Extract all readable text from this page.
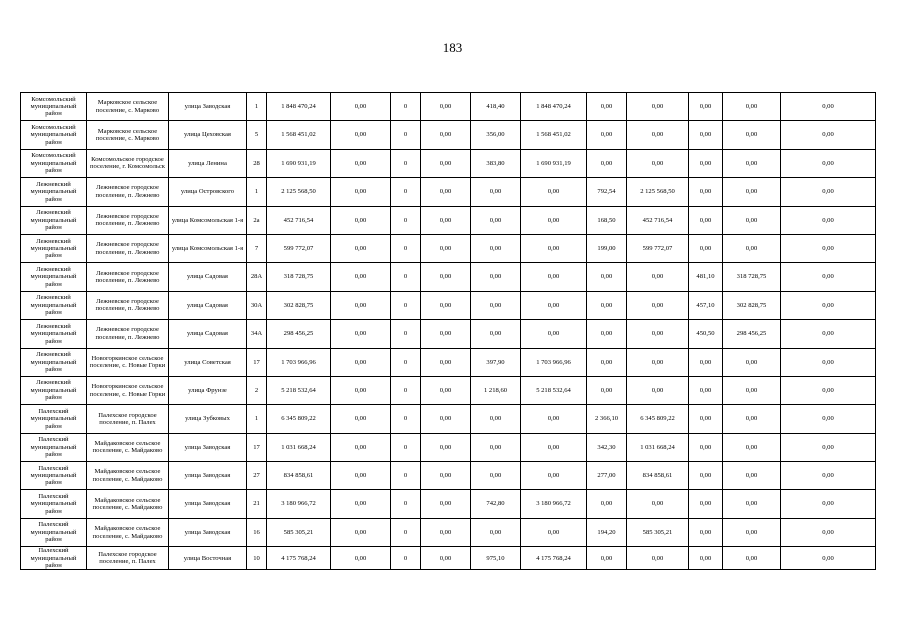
183
Комсомольский муниципальный район	Марковское сельское поселение, с. Марково	улица Заводская	1	1 848 470,24	0,00	0	0,00	418,40	1 848 470,24	0,00	0,00	0,00	0,00	0,00
Комсомольский муниципальный район	Марковское сельское поселение, с. Марково	улица Цеховская	5	1 568 451,02	0,00	0	0,00	356,00	1 568 451,02	0,00	0,00	0,00	0,00	0,00
Комсомольский муниципальный район	Комсомольское городское поселение, г. Комсомольск	улица Ленина	28	1 690 931,19	0,00	0	0,00	383,80	1 690 931,19	0,00	0,00	0,00	0,00	0,00
Лежневский муниципальный район	Лежневское городское поселение, п. Лежнево	улица Островского	1	2 125 568,50	0,00	0	0,00	0,00	0,00	792,54	2 125 568,50	0,00	0,00	0,00
Лежневский муниципальный район	Лежневское городское поселение, п. Лежнево	улица Комсомольская 1-я	2а	452 716,54	0,00	0	0,00	0,00	0,00	168,50	452 716,54	0,00	0,00	0,00
Лежневский муниципальный район	Лежневское городское поселение, п. Лежнево	улица Комсомольская 1-я	7	599 772,07	0,00	0	0,00	0,00	0,00	199,00	599 772,07	0,00	0,00	0,00
Лежневский муниципальный район	Лежневское городское поселение, п. Лежнево	улица Садовая	28А	318 728,75	0,00	0	0,00	0,00	0,00	0,00	0,00	481,10	318 728,75	0,00
Лежневский муниципальный район	Лежневское городское поселение, п. Лежнево	улица Садовая	30А	302 828,75	0,00	0	0,00	0,00	0,00	0,00	0,00	457,10	302 828,75	0,00
Лежневский муниципальный район	Лежневское городское поселение, п. Лежнево	улица Садовая	34А	298 456,25	0,00	0	0,00	0,00	0,00	0,00	0,00	450,50	298 456,25	0,00
Лежневский муниципальный район	Новогоркинское сельское поселение, с. Новые Горки	улица Советская	17	1 703 966,96	0,00	0	0,00	397,90	1 703 966,96	0,00	0,00	0,00	0,00	0,00
Лежневский муниципальный район	Новогоркинское сельское поселение, с. Новые Горки	улица Фрунзе	2	5 218 532,64	0,00	0	0,00	1 218,60	5 218 532,64	0,00	0,00	0,00	0,00	0,00
Палехский муниципальный район	Палехское городское поселение, п. Палех	улица Зубковых	1	6 345 809,22	0,00	0	0,00	0,00	0,00	2 366,10	6 345 809,22	0,00	0,00	0,00
Палехский муниципальный район	Майдаковское сельское поселение, с. Майдаково	улица Заводская	17	1 031 668,24	0,00	0	0,00	0,00	0,00	342,30	1 031 668,24	0,00	0,00	0,00
Палехский муниципальный район	Майдаковское сельское поселение, с. Майдаково	улица Заводская	27	834 858,61	0,00	0	0,00	0,00	0,00	277,00	834 858,61	0,00	0,00	0,00
Палехский муниципальный район	Майдаковское сельское поселение, с. Майдаково	улица Заводская	21	3 180 966,72	0,00	0	0,00	742,80	3 180 966,72	0,00	0,00	0,00	0,00	0,00
Палехский муниципальный район	Майдаковское сельское поселение, с. Майдаково	улица Заводская	16	585 305,21	0,00	0	0,00	0,00	0,00	194,20	585 305,21	0,00	0,00	0,00
Палехский муниципальный район	Палехское городское поселение, п. Палех	улица Восточная	10	4 175 768,24	0,00	0	0,00	975,10	4 175 768,24	0,00	0,00	0,00	0,00	0,00
